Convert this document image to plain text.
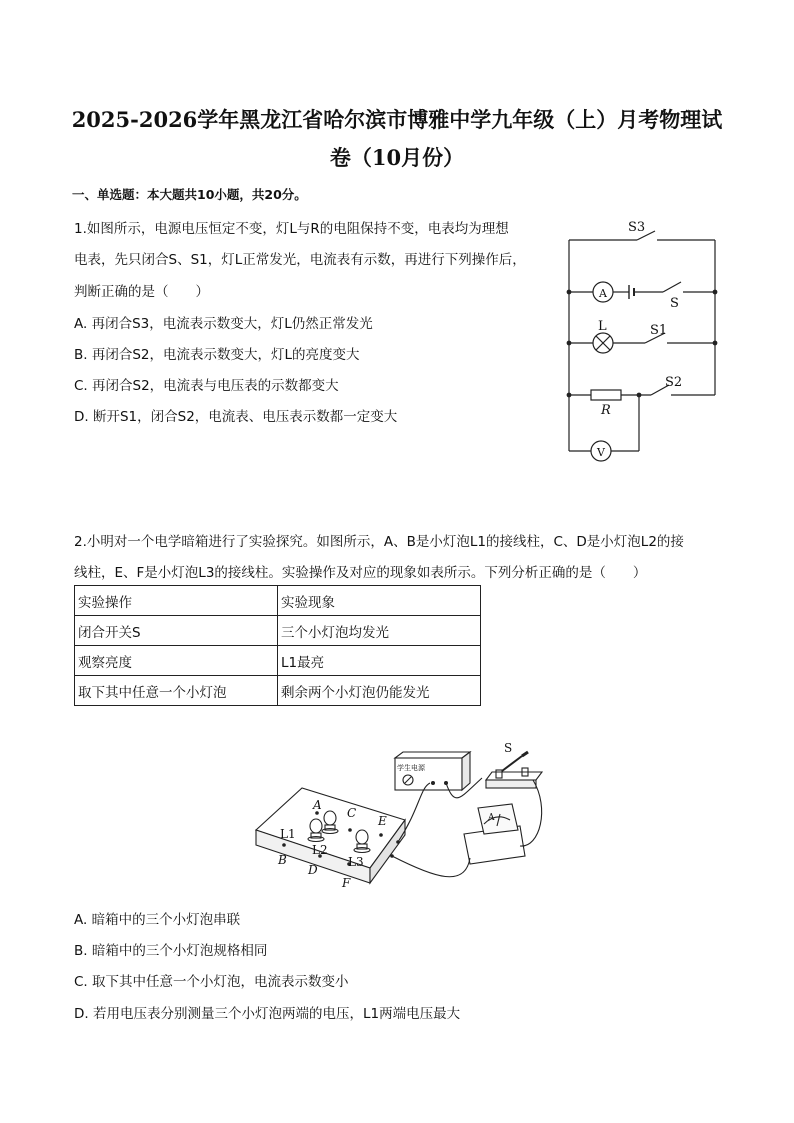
2025-2026学年黑龙江省哈尔滨市博雅中学九年级（上）月考物理试
卷（10月份）
一、单选题：本大题共10小题，共20分。
1.如图所示，电源电压恒定不变，灯L与R的电阻保持不变，电表均为理想
电表，先只闭合S、S1，灯L正常发光，电流表有示数，再进行下列操作后，
判断正确的是（　　）
A. 再闭合S3，电流表示数变大，灯L仍然正常发光
B. 再闭合S2，电流表示数变大，灯L的亮度变大
C. 再闭合S2，电流表与电压表的示数都变大
D. 断开S1，闭合S2，电流表、电压表示数都一定变大
S3
A
S
L	S1
S2
R
V
2.小明对一个电学暗箱进行了实验探究。如图所示，A、B是小灯泡L1的接线柱，C、D是小灯泡L2的接
线柱，E、F是小灯泡L3的接线柱。实验操作及对应的现象如表所示。下列分析正确的是（　　）
实验操作	实验现象
闭合开关S	三个小灯泡均发光
观察亮度	L1最亮
取下其中任意一个小灯泡	剩余两个小灯泡仍能发光
S
学生电源
A
B
C
D
E
F
L1
L2
L3
A
A. 暗箱中的三个小灯泡串联
B. 暗箱中的三个小灯泡规格相同
C. 取下其中任意一个小灯泡，电流表示数变小
D. 若用电压表分别测量三个小灯泡两端的电压，L1两端电压最大
